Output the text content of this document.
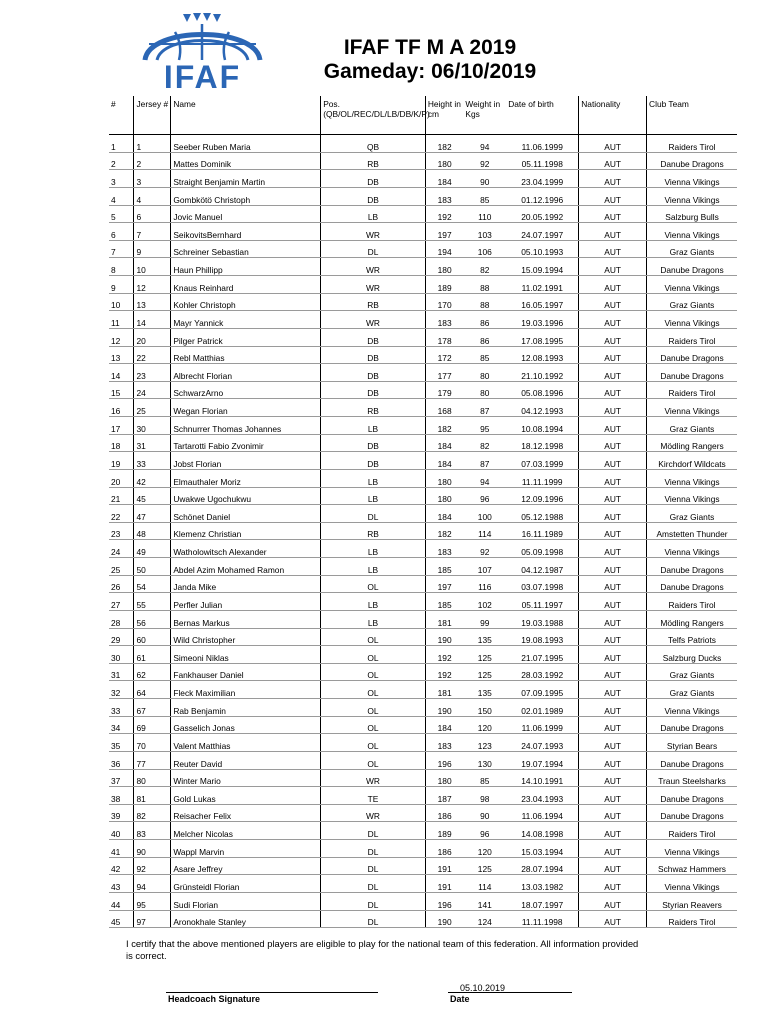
IFAF
IFAF TF M A 2019
Gameday: 06/10/2019
#	Jersey #	Name	Pos. (QB/OL/REC/DL/LB/DB/K/P)	Height in cm	Weight in Kgs	Date of birth	Nationality	Club Team
1	1	Seeber Ruben Maria	QB	182	94	11.06.1999	AUT	Raiders Tirol
2	2	Mattes Dominik	RB	180	92	05.11.1998	AUT	Danube Dragons
3	3	Straight Benjamin Martin	DB	184	90	23.04.1999	AUT	Vienna Vikings
4	4	Gombkötö Christoph	DB	183	85	01.12.1996	AUT	Vienna Vikings
5	6	Jovic Manuel	LB	192	110	20.05.1992	AUT	Salzburg Bulls
6	7	SeikovitsBernhard	WR	197	103	24.07.1997	AUT	Vienna Vikings
7	9	Schreiner Sebastian	DL	194	106	05.10.1993	AUT	Graz Giants
8	10	Haun Phillipp	WR	180	82	15.09.1994	AUT	Danube Dragons
9	12	Knaus Reinhard	WR	189	88	11.02.1991	AUT	Vienna Vikings
10	13	Kohler Christoph	RB	170	88	16.05.1997	AUT	Graz Giants
11	14	Mayr Yannick	WR	183	86	19.03.1996	AUT	Vienna Vikings
12	20	Pilger Patrick	DB	178	86	17.08.1995	AUT	Raiders Tirol
13	22	Rebl Matthias	DB	172	85	12.08.1993	AUT	Danube Dragons
14	23	Albrecht Florian	DB	177	80	21.10.1992	AUT	Danube Dragons
15	24	SchwarzArno	DB	179	80	05.08.1996	AUT	Raiders Tirol
16	25	Wegan Florian	RB	168	87	04.12.1993	AUT	Vienna Vikings
17	30	Schnurrer Thomas Johannes	LB	182	95	10.08.1994	AUT	Graz Giants
18	31	Tartarotti Fabio Zvonimir	DB	184	82	18.12.1998	AUT	Mödling Rangers
19	33	Jobst Florian	DB	184	87	07.03.1999	AUT	Kirchdorf Wildcats
20	42	Elmauthaler Moriz	LB	180	94	11.11.1999	AUT	Vienna Vikings
21	45	Uwakwe Ugochukwu	LB	180	96	12.09.1996	AUT	Vienna Vikings
22	47	Schönet Daniel	DL	184	100	05.12.1988	AUT	Graz Giants
23	48	Klemenz Christian	RB	182	114	16.11.1989	AUT	Amstetten Thunder
24	49	Watholowitsch Alexander	LB	183	92	05.09.1998	AUT	Vienna Vikings
25	50	Abdel Azim Mohamed Ramon	LB	185	107	04.12.1987	AUT	Danube Dragons
26	54	Janda Mike	OL	197	116	03.07.1998	AUT	Danube Dragons
27	55	Perfler Julian	LB	185	102	05.11.1997	AUT	Raiders Tirol
28	56	Bernas Markus	LB	181	99	19.03.1988	AUT	Mödling Rangers
29	60	Wild Christopher	OL	190	135	19.08.1993	AUT	Telfs Patriots
30	61	Simeoni Niklas	OL	192	125	21.07.1995	AUT	Salzburg Ducks
31	62	Fankhauser Daniel	OL	192	125	28.03.1992	AUT	Graz Giants
32	64	Fleck Maximilian	OL	181	135	07.09.1995	AUT	Graz Giants
33	67	Rab Benjamin	OL	190	150	02.01.1989	AUT	Vienna Vikings
34	69	Gasselich Jonas	OL	184	120	11.06.1999	AUT	Danube Dragons
35	70	Valent Matthias	OL	183	123	24.07.1993	AUT	Styrian Bears
36	77	Reuter David	OL	196	130	19.07.1994	AUT	Danube Dragons
37	80	Winter Mario	WR	180	85	14.10.1991	AUT	Traun Steelsharks
38	81	Gold Lukas	TE	187	98	23.04.1993	AUT	Danube Dragons
39	82	Reisacher Felix	WR	186	90	11.06.1994	AUT	Danube Dragons
40	83	Melcher Nicolas	DL	189	96	14.08.1998	AUT	Raiders Tirol
41	90	Wappl Marvin	DL	186	120	15.03.1994	AUT	Vienna Vikings
42	92	Asare Jeffrey	DL	191	125	28.07.1994	AUT	Schwaz Hammers
43	94	Grünsteidl Florian	DL	191	114	13.03.1982	AUT	Vienna Vikings
44	95	Sudi Florian	DL	196	141	18.07.1997	AUT	Styrian Reavers
45	97	Aronokhale Stanley	DL	190	124	11.11.1998	AUT	Raiders Tirol
I certify that the above mentioned players are eligible to play for the national team of this federation. All information provided is correct.
Headcoach Signature
05.10.2019
Date
